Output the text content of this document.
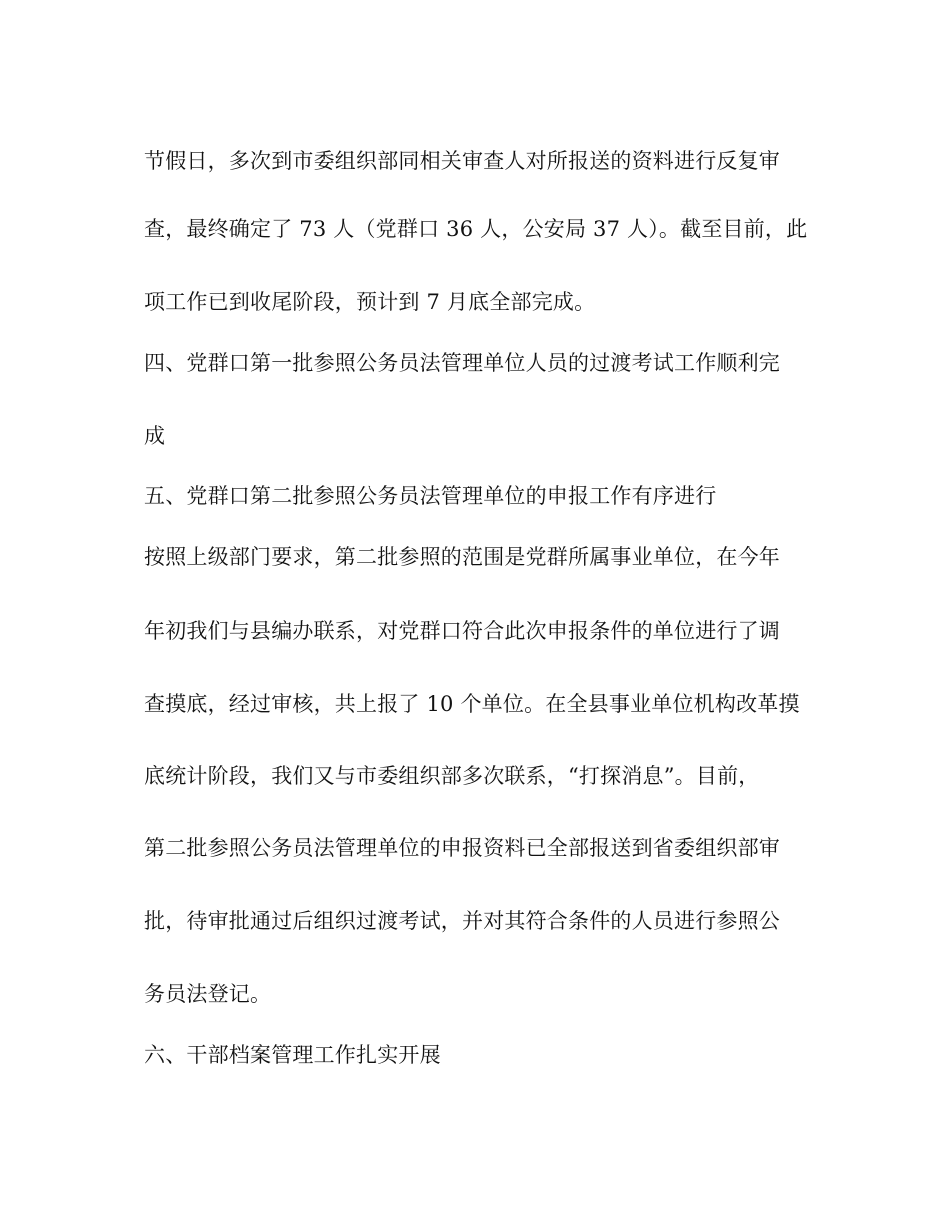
节假日，多次到市委组织部同相关审查人对所报送的资料进行反复审
查，最终确定了 73 人（党群口 36 人，公安局 37 人）。截至目前，此
项工作已到收尾阶段，预计到 7 月底全部完成。
四、党群口第一批参照公务员法管理单位人员的过渡考试工作顺利完
成
五、党群口第二批参照公务员法管理单位的申报工作有序进行
按照上级部门要求，第二批参照的范围是党群所属事业单位，在今年
年初我们与县编办联系，对党群口符合此次申报条件的单位进行了调
查摸底，经过审核，共上报了 10 个单位。在全县事业单位机构改革摸
底统计阶段，我们又与市委组织部多次联系，“打探消息”。目前，
第二批参照公务员法管理单位的申报资料已全部报送到省委组织部审
批，待审批通过后组织过渡考试，并对其符合条件的人员进行参照公
务员法登记。
六、干部档案管理工作扎实开展
